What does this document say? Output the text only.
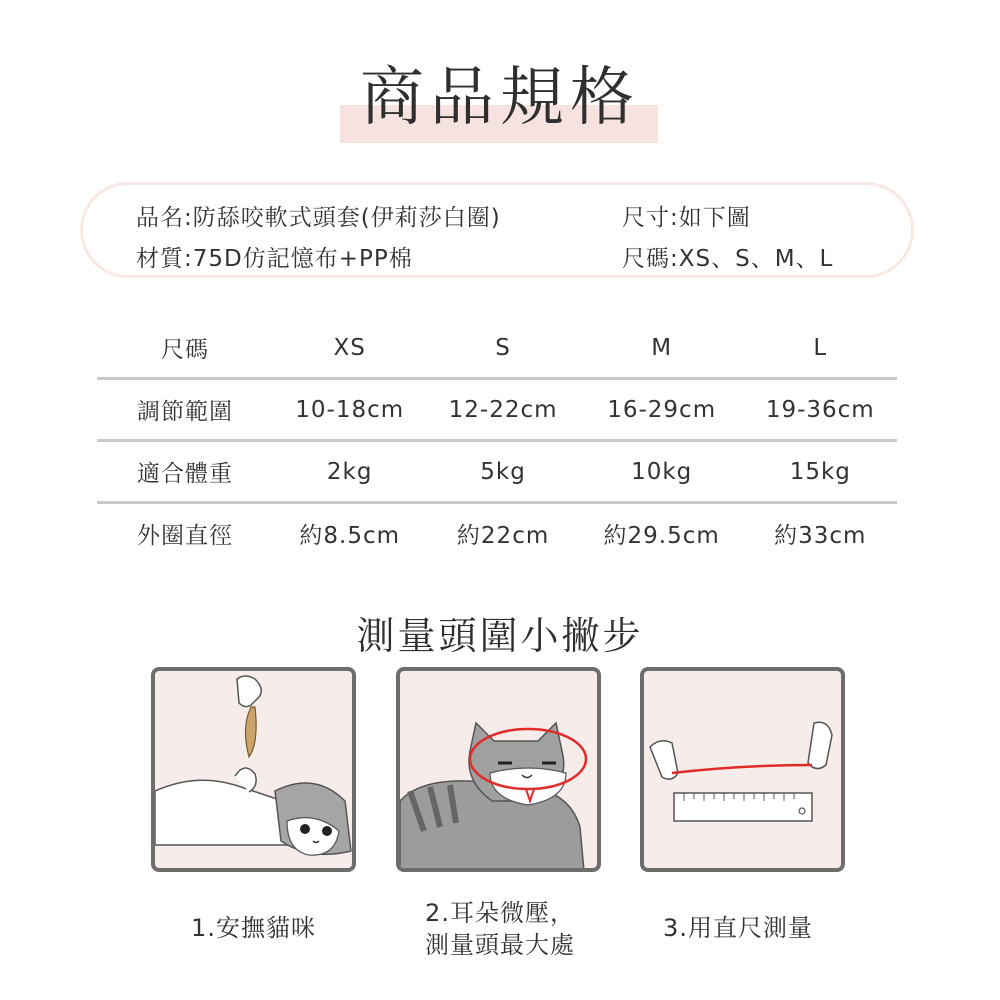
商品規格
品名:防舔咬軟式頭套(伊莉莎白圈)
材質:75D仿記憶布+PP棉
尺寸:如下圖
尺碼:XS、S、M、L
尺碼	XS	S	M	L
調節範圍	10-18cm	12-22cm	16-29cm	19-36cm
適合體重	2kg	5kg	10kg	15kg
外圈直徑	約8.5cm	約22cm	約29.5cm	約33cm
測量頭圍小撇步
1.安撫貓咪
2.耳朵微壓，
測量頭最大處
3.用直尺測量
